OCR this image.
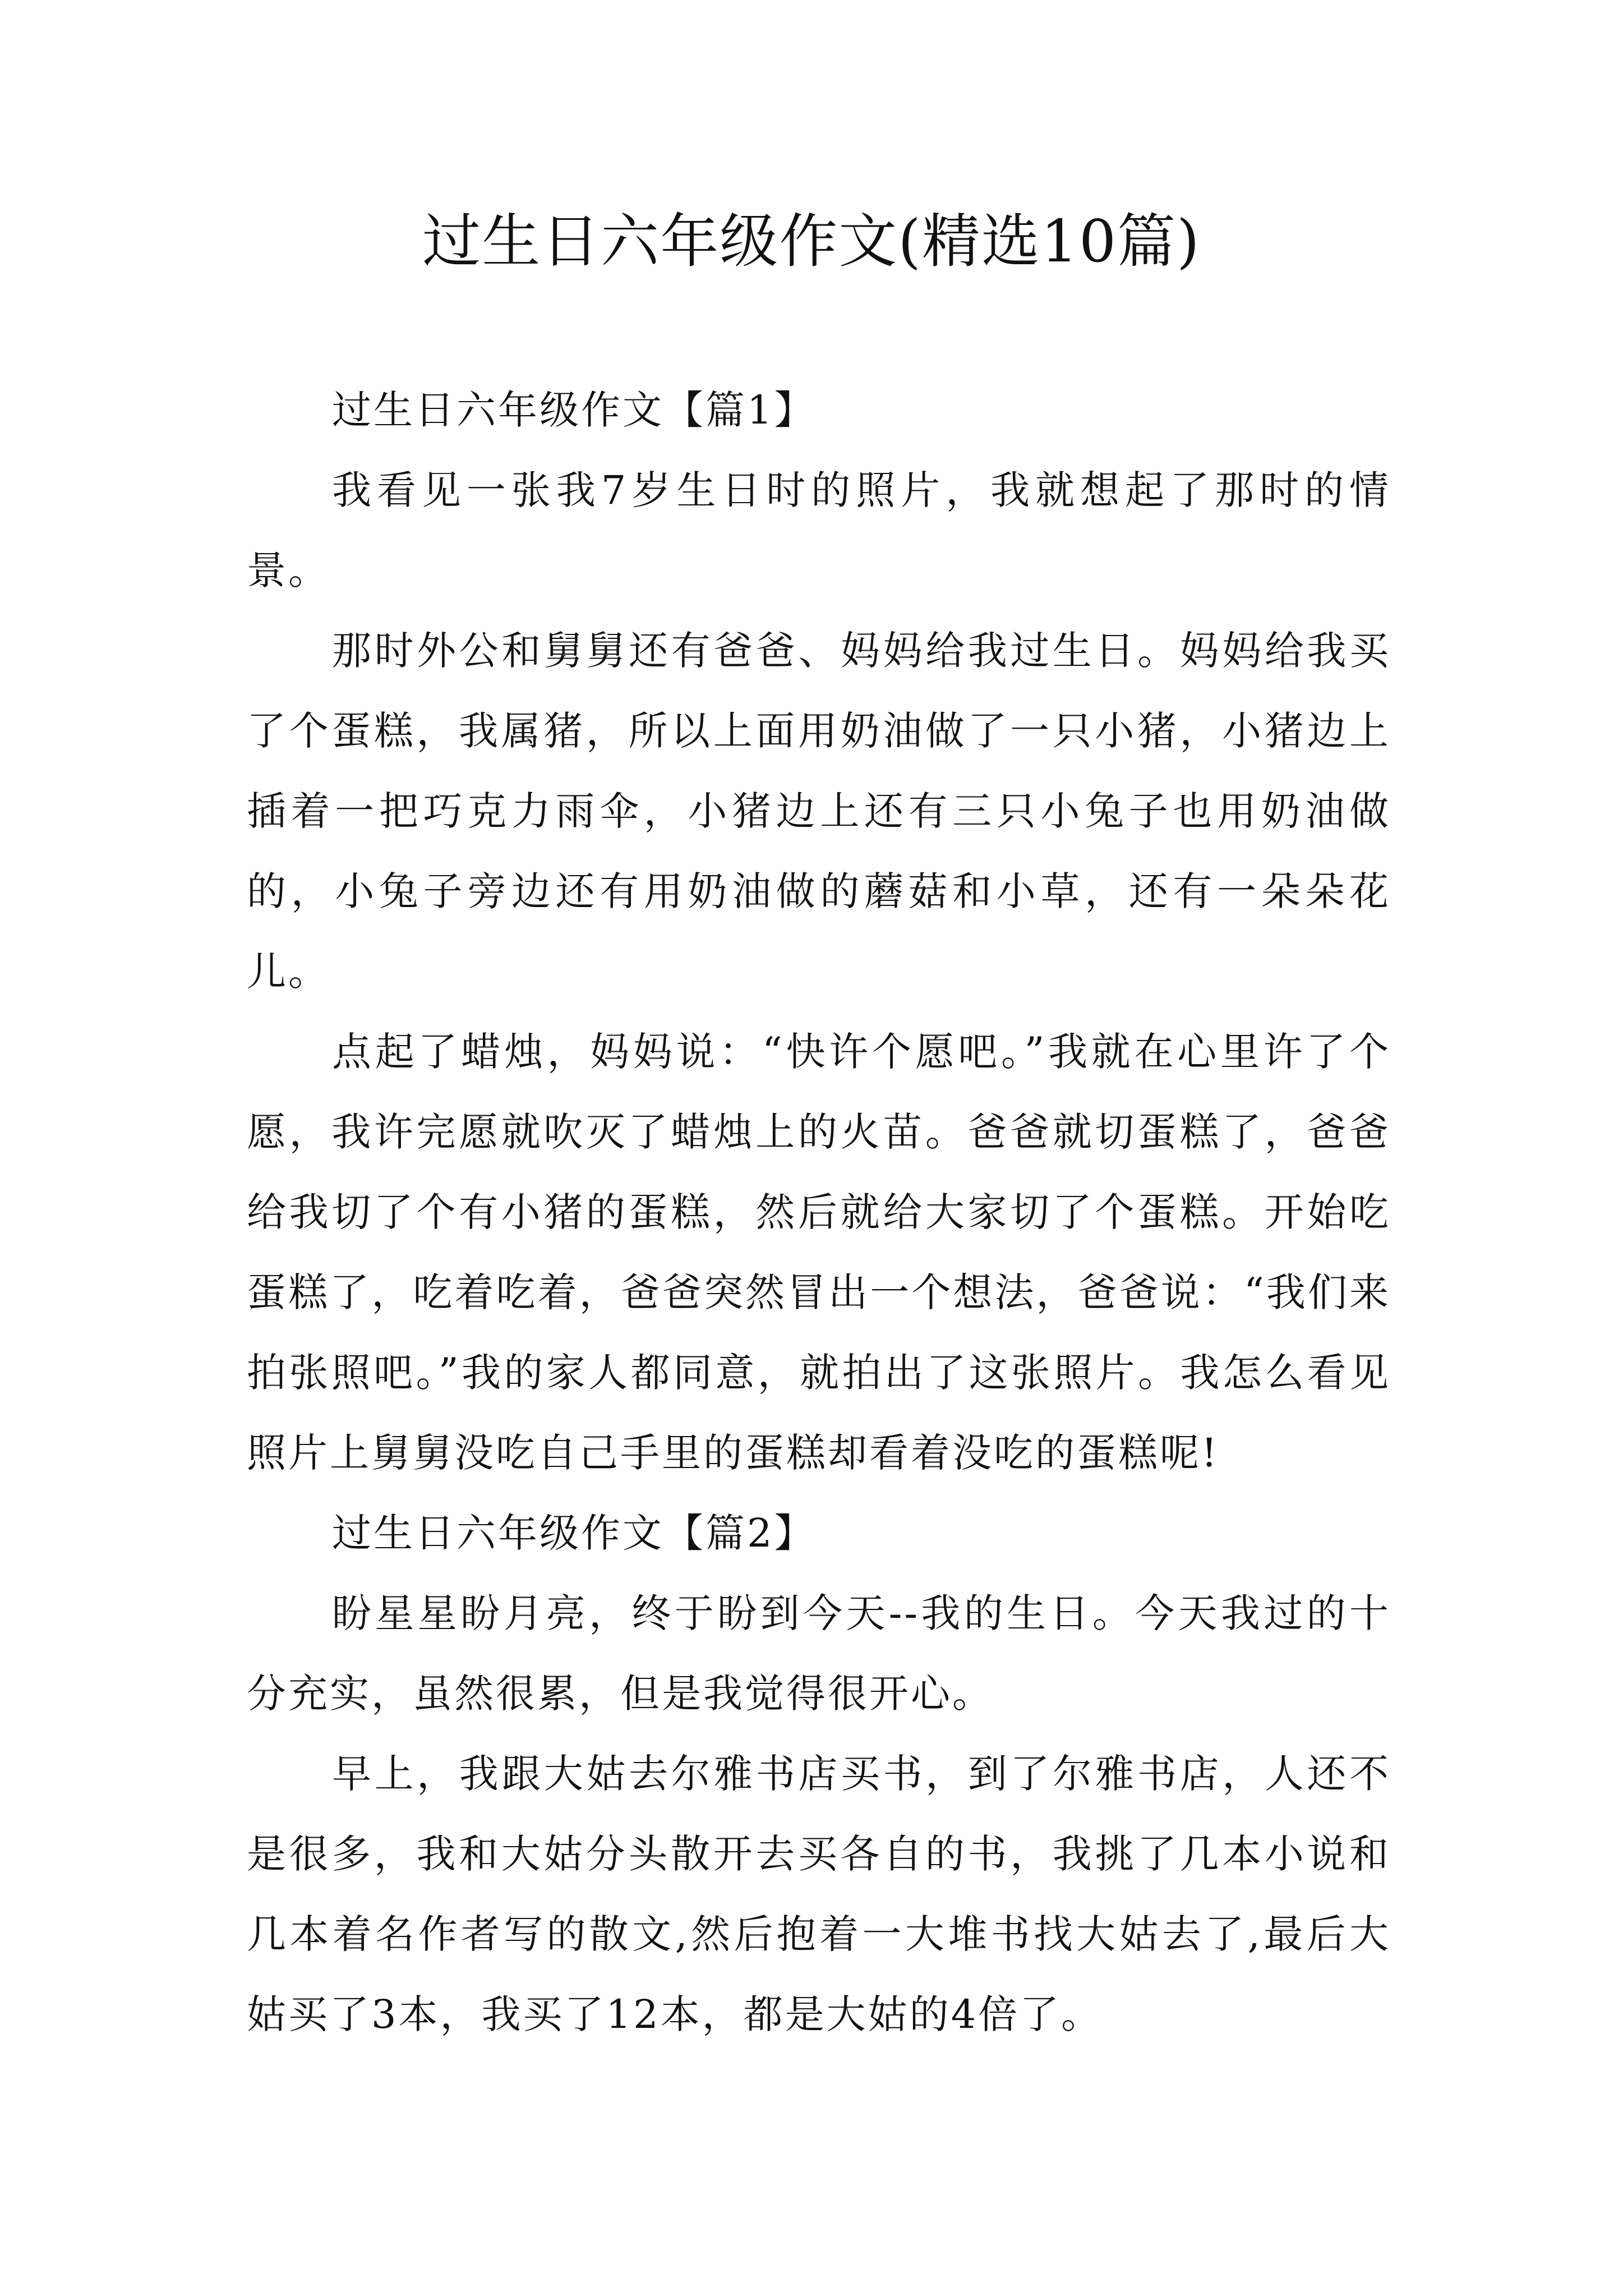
过生日六年级作文(精选10篇)

过生日六年级作文【篇1】

我看见一张我7岁生日时的照片，我就想起了那时的情景。

那时外公和舅舅还有爸爸、妈妈给我过生日。妈妈给我买了个蛋糕，我属猪，所以上面用奶油做了一只小猪，小猪边上插着一把巧克力雨伞，小猪边上还有三只小兔子也用奶油做的，小兔子旁边还有用奶油做的蘑菇和小草，还有一朵朵花儿。

点起了蜡烛，妈妈说：“快许个愿吧。”我就在心里许了个愿，我许完愿就吹灭了蜡烛上的火苗。爸爸就切蛋糕了，爸爸给我切了个有小猪的蛋糕，然后就给大家切了个蛋糕。开始吃蛋糕了，吃着吃着，爸爸突然冒出一个想法，爸爸说：“我们来拍张照吧。”我的家人都同意，就拍出了这张照片。我怎么看见照片上舅舅没吃自己手里的蛋糕却看着没吃的蛋糕呢!

过生日六年级作文【篇2】

盼星星盼月亮，终于盼到今天--我的生日。今天我过的十分充实，虽然很累，但是我觉得很开心。

早上，我跟大姑去尔雅书店买书，到了尔雅书店，人还不是很多，我和大姑分头散开去买各自的书，我挑了几本小说和几本着名作者写的散文,然后抱着一大堆书找大姑去了,最后大姑买了3本，我买了12本，都是大姑的4倍了。
